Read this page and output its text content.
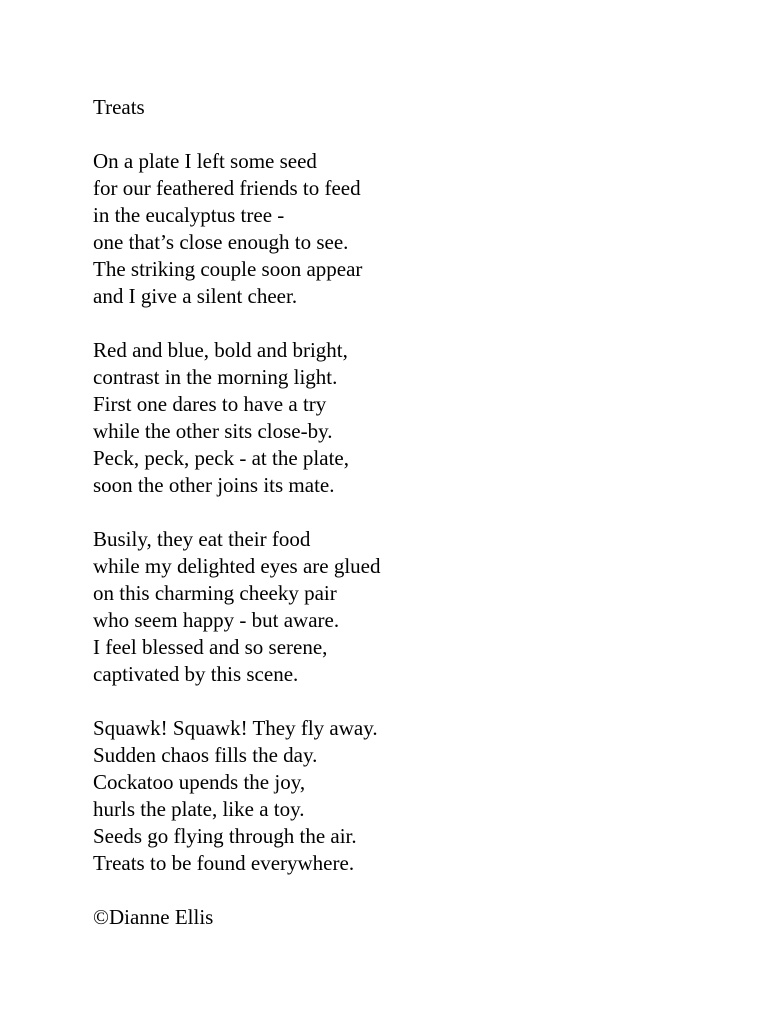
Treats
On a plate I left some seed
for our feathered friends to feed
in the eucalyptus tree -
one that’s close enough to see.
The striking couple soon appear
and I give a silent cheer.
Red and blue, bold and bright,
contrast in the morning light.
First one dares to have a try
while the other sits close-by.
Peck, peck, peck - at the plate,
soon the other joins its mate.
Busily, they eat their food
while my delighted eyes are glued
on this charming cheeky pair
who seem happy - but aware.
I feel blessed and so serene,
captivated by this scene.
Squawk! Squawk! They fly away.
Sudden chaos fills the day.
Cockatoo upends the joy,
hurls the plate, like a toy.
Seeds go flying through the air.
Treats to be found everywhere.
©Dianne Ellis
